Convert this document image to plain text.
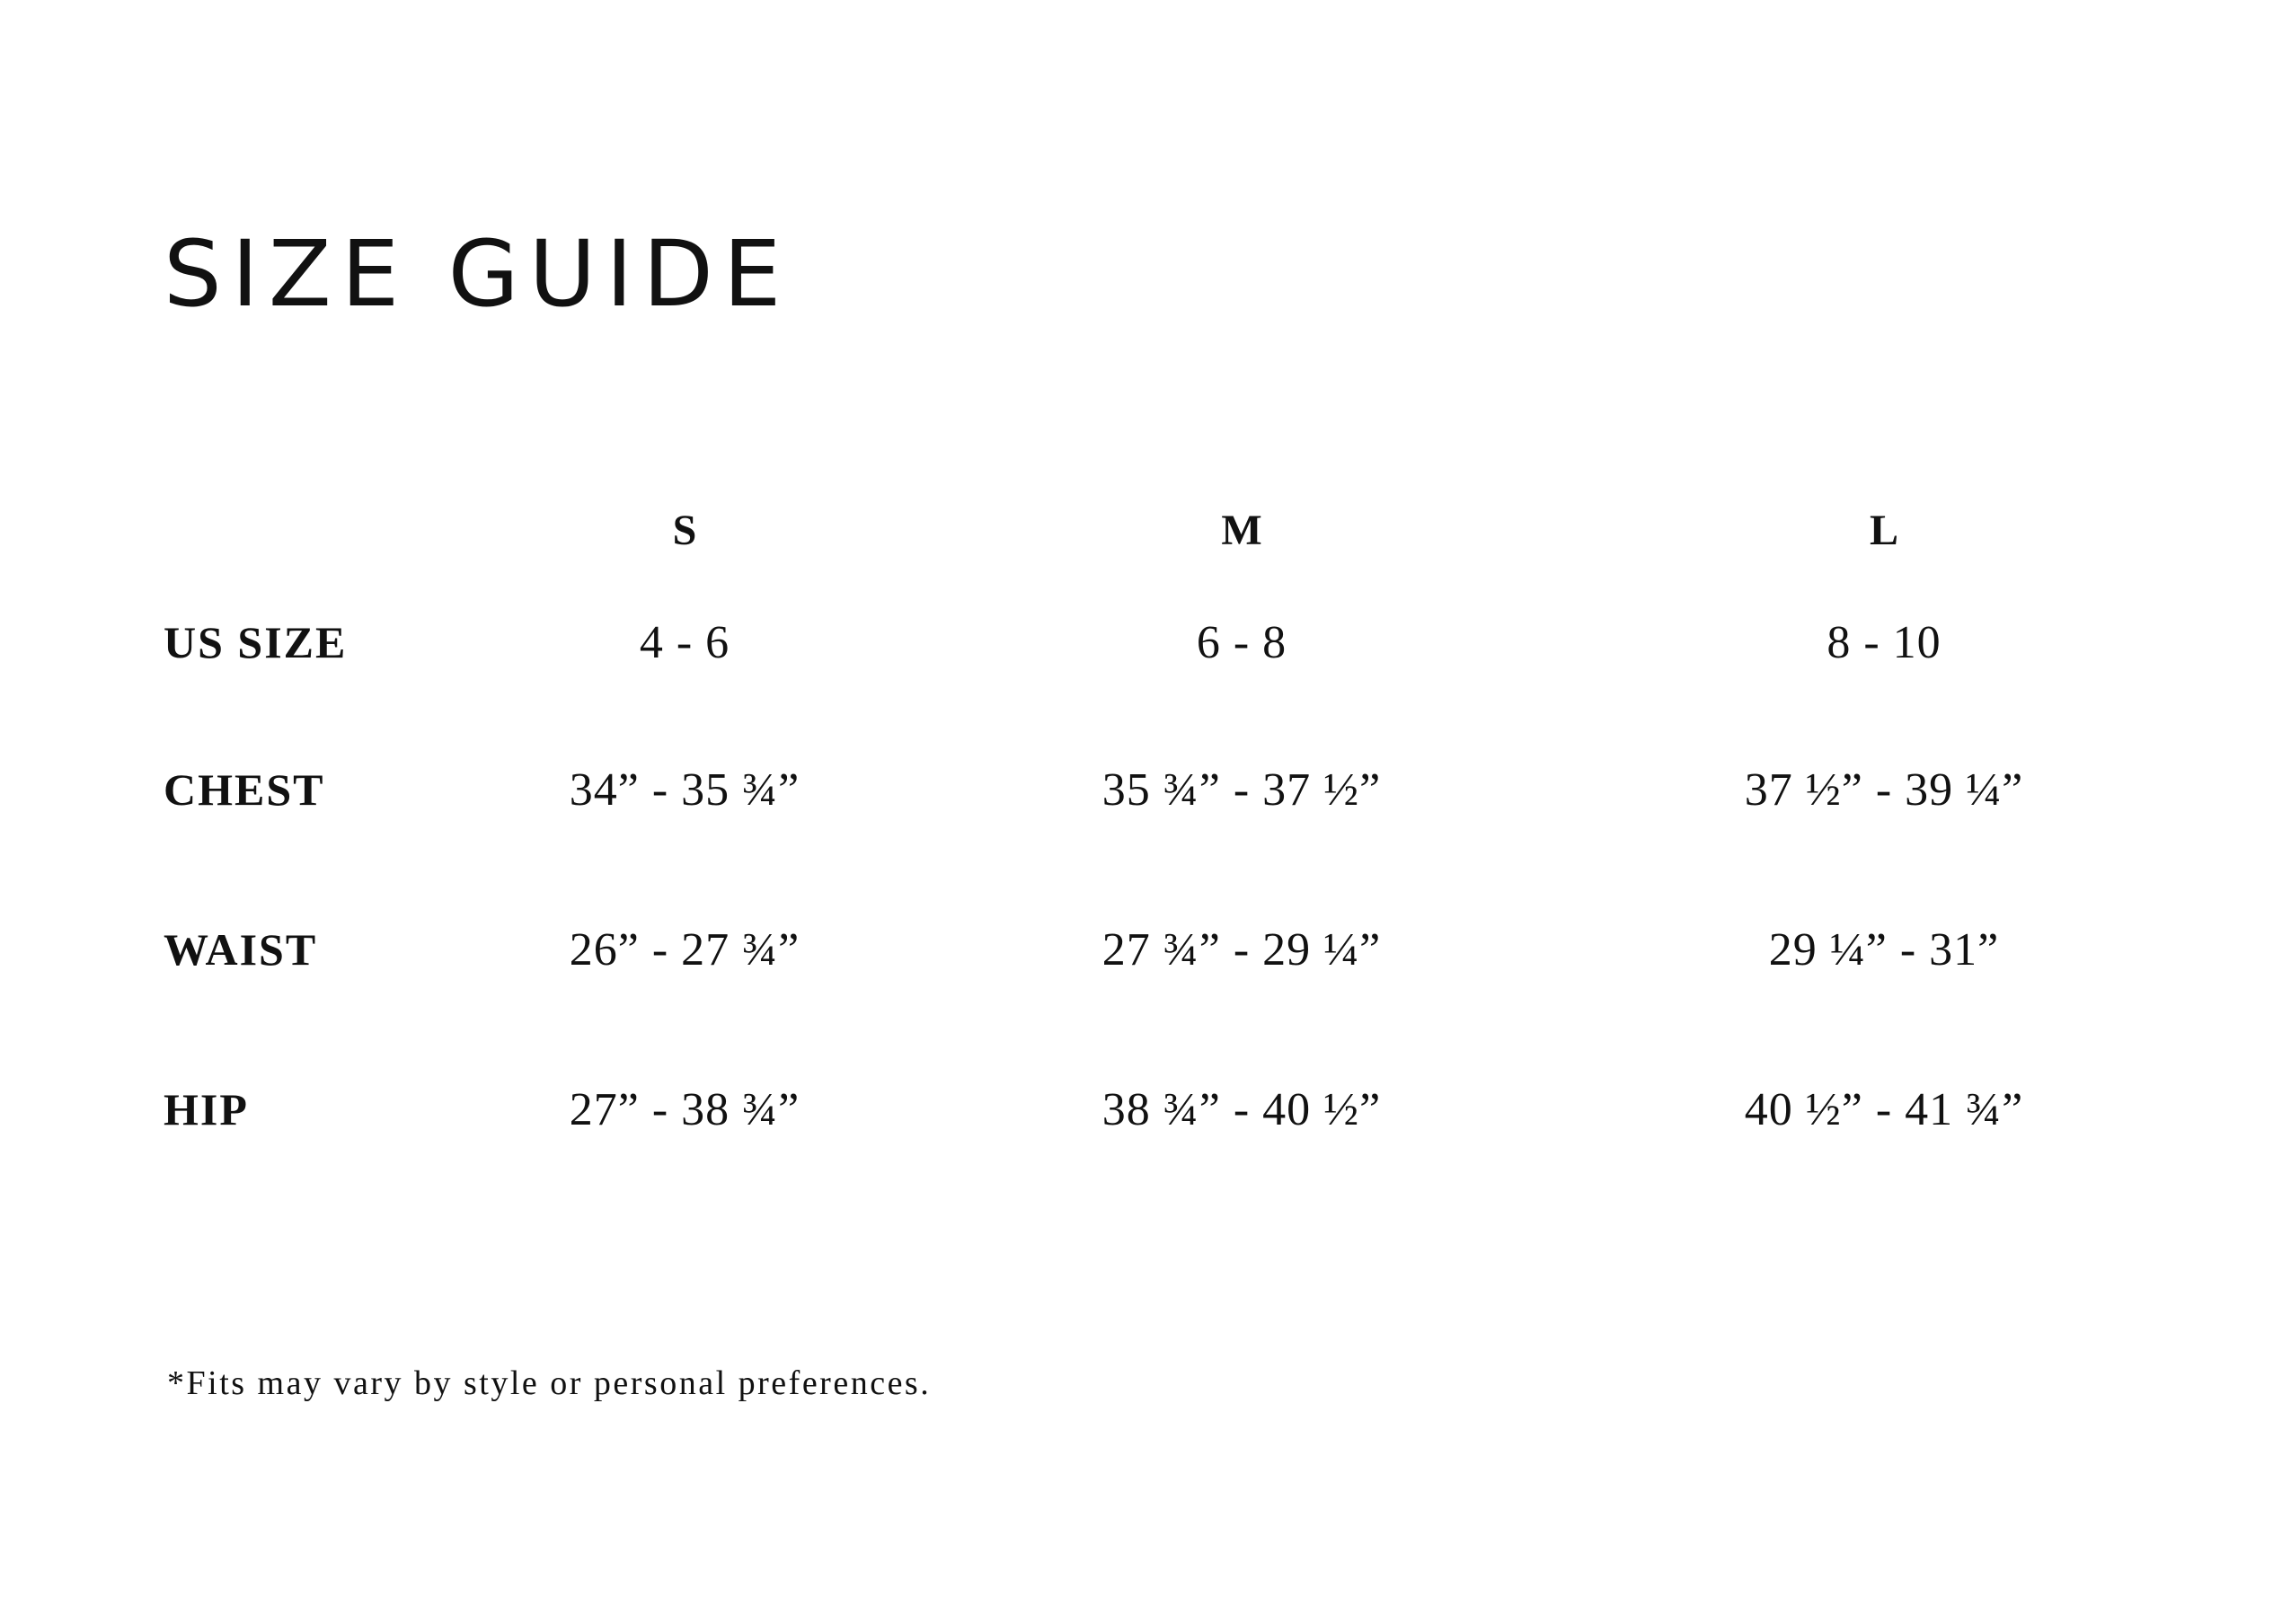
SIZE GUIDE
	S	M	L
US SIZE	4 - 6	6 - 8	8 - 10
CHEST	34” - 35 ¾”	35 ¾” - 37 ½”	37 ½” - 39 ¼”
WAIST	26” - 27 ¾”	27 ¾” - 29 ¼”	29 ¼” - 31”
HIP	27” - 38 ¾”	38 ¾” - 40 ½”	40 ½” - 41 ¾”

*Fits may vary by style or personal preferences.
